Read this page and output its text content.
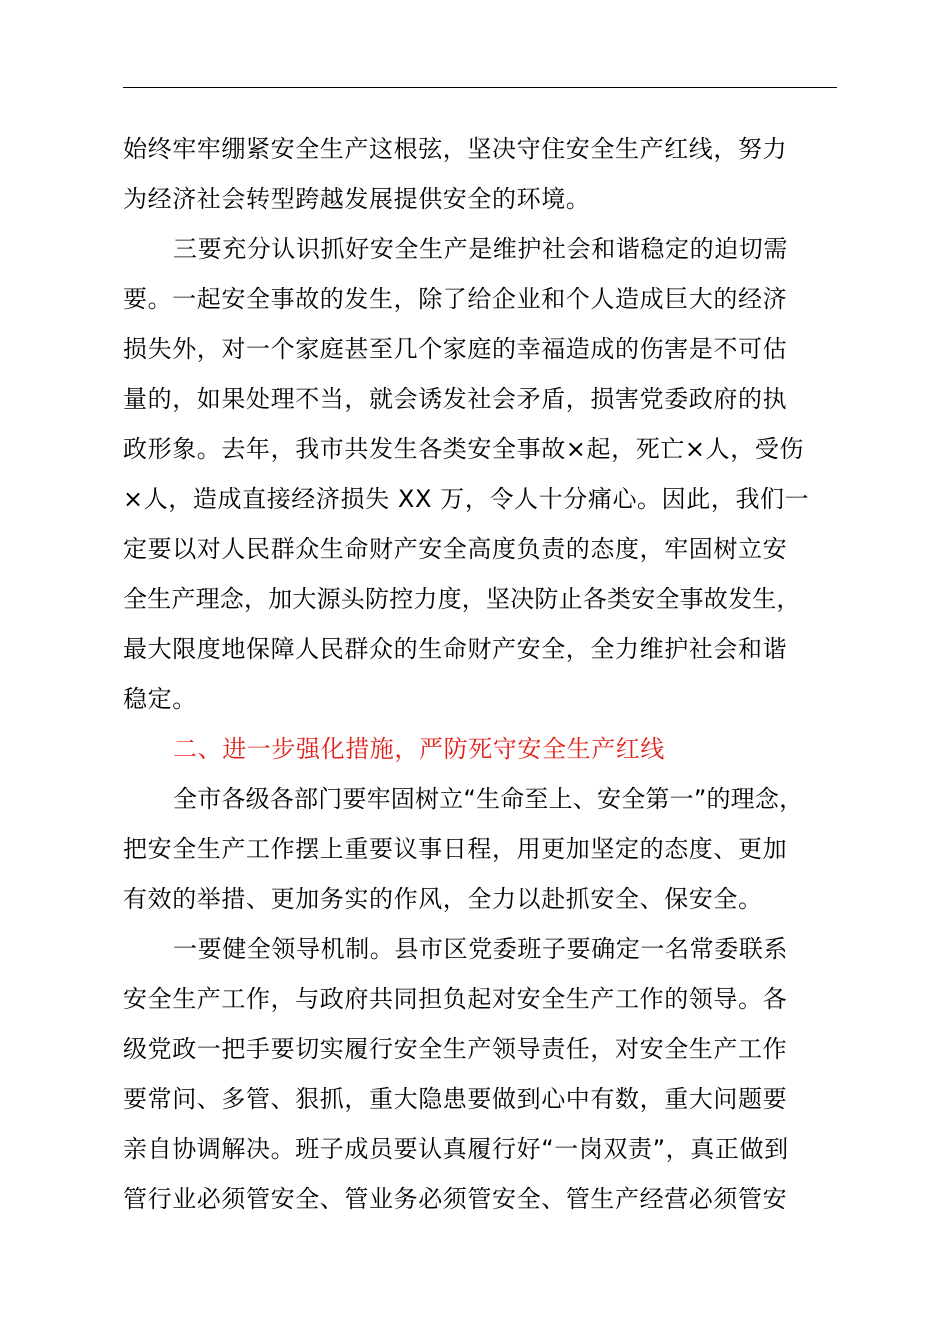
始终牢牢绷紧安全生产这根弦，坚决守住安全生产红线，努力
为经济社会转型跨越发展提供安全的环境。
三要充分认识抓好安全生产是维护社会和谐稳定的迫切需
要。一起安全事故的发生，除了给企业和个人造成巨大的经济
损失外，对一个家庭甚至几个家庭的幸福造成的伤害是不可估
量的，如果处理不当，就会诱发社会矛盾，损害党委政府的执
政形象。去年，我市共发生各类安全事故×起，死亡×人，受伤
×人，造成直接经济损失 XX 万，令人十分痛心。因此，我们一
定要以对人民群众生命财产安全高度负责的态度，牢固树立安
全生产理念，加大源头防控力度，坚决防止各类安全事故发生，
最大限度地保障人民群众的生命财产安全，全力维护社会和谐
稳定。
二、进一步强化措施，严防死守安全生产红线
全市各级各部门要牢固树立“生命至上、安全第一”的理念，
把安全生产工作摆上重要议事日程，用更加坚定的态度、更加
有效的举措、更加务实的作风，全力以赴抓安全、保安全。
一要健全领导机制。县市区党委班子要确定一名常委联系
安全生产工作，与政府共同担负起对安全生产工作的领导。各
级党政一把手要切实履行安全生产领导责任，对安全生产工作
要常问、多管、狠抓，重大隐患要做到心中有数，重大问题要
亲自协调解决。班子成员要认真履行好“一岗双责”，真正做到
管行业必须管安全、管业务必须管安全、管生产经营必须管安
